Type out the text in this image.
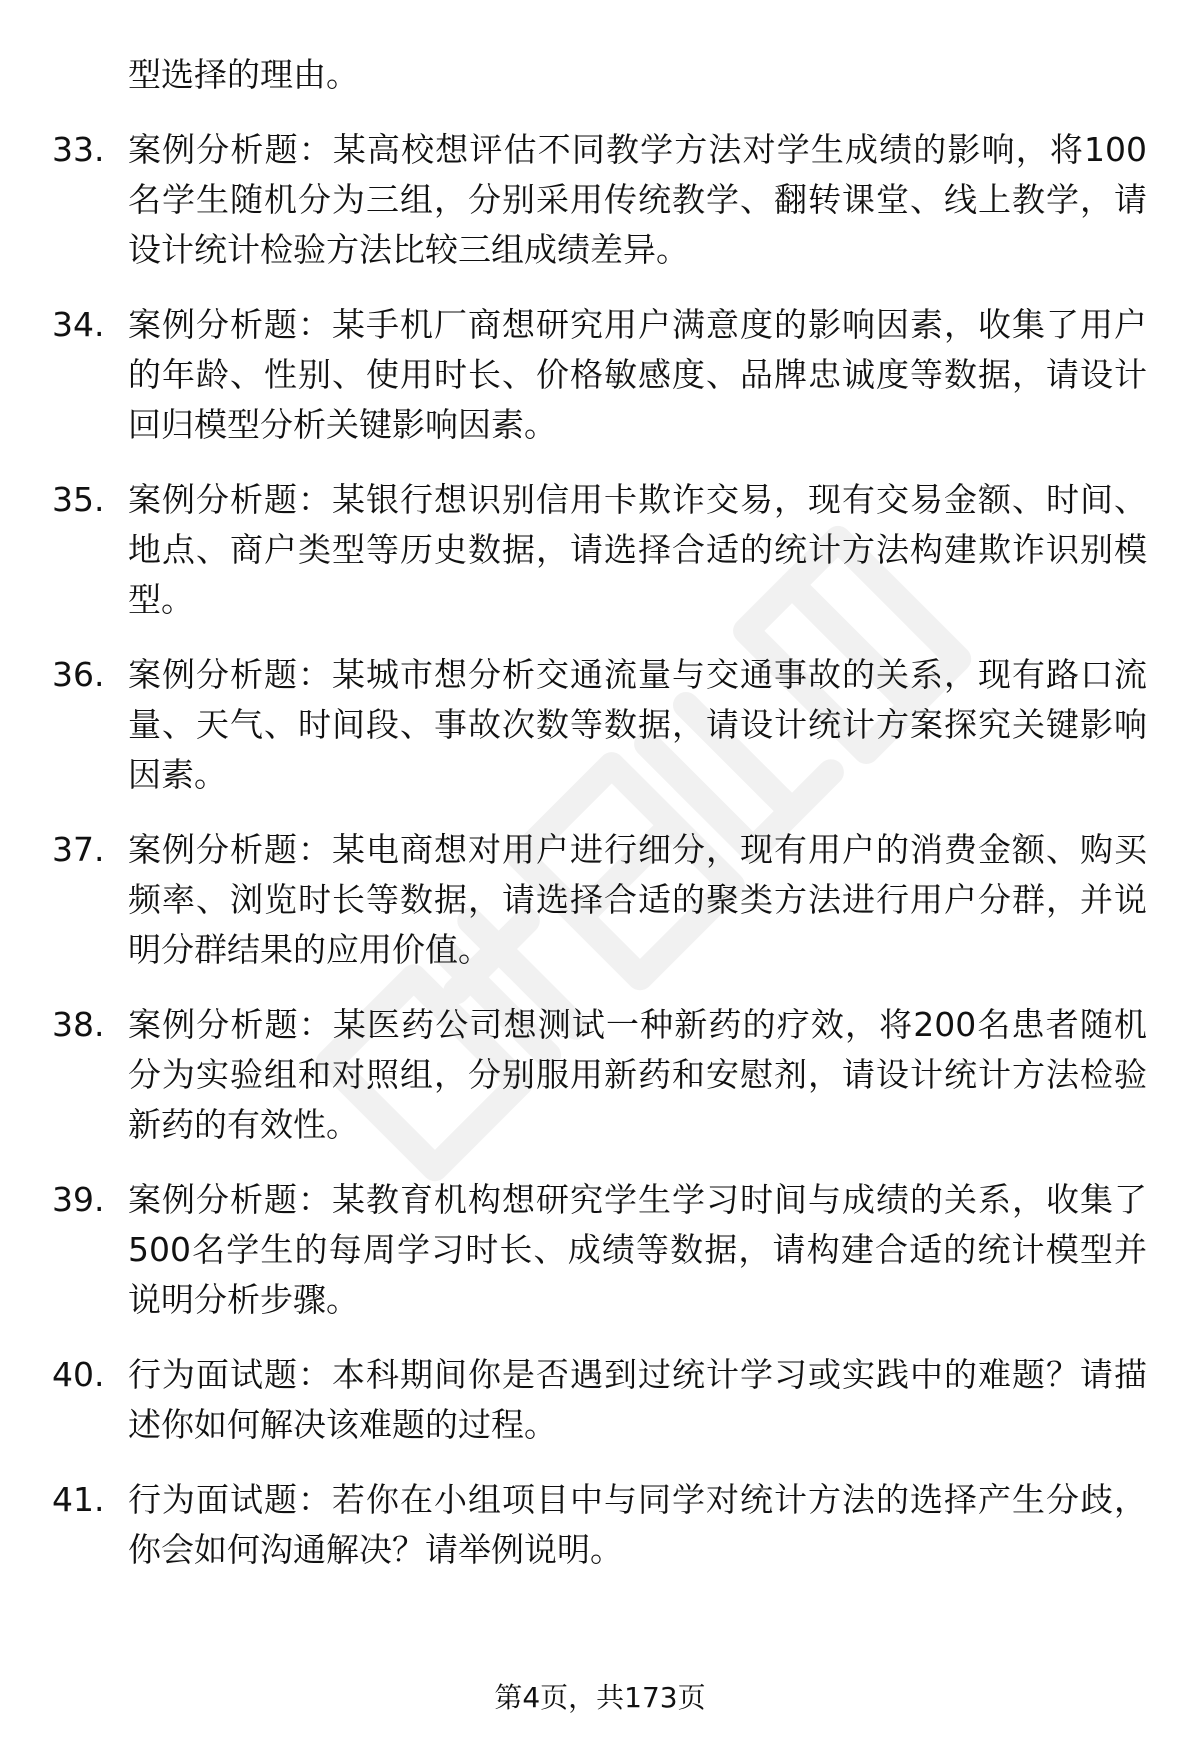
型选择的理由。
33. 案例分析题：某高校想评估不同教学方法对学生成绩的影响，将100名学生随机分为三组，分别采用传统教学、翻转课堂、线上教学，请设计统计检验方法比较三组成绩差异。
34. 案例分析题：某手机厂商想研究用户满意度的影响因素，收集了用户的年龄、性别、使用时长、价格敏感度、品牌忠诚度等数据，请设计回归模型分析关键影响因素。
35. 案例分析题：某银行想识别信用卡欺诈交易，现有交易金额、时间、地点、商户类型等历史数据，请选择合适的统计方法构建欺诈识别模型。
36. 案例分析题：某城市想分析交通流量与交通事故的关系，现有路口流量、天气、时间段、事故次数等数据，请设计统计方案探究关键影响因素。
37. 案例分析题：某电商想对用户进行细分，现有用户的消费金额、购买频率、浏览时长等数据，请选择合适的聚类方法进行用户分群，并说明分群结果的应用价值。
38. 案例分析题：某医药公司想测试一种新药的疗效，将200名患者随机分为实验组和对照组，分别服用新药和安慰剂，请设计统计方法检验新药的有效性。
39. 案例分析题：某教育机构想研究学生学习时间与成绩的关系，收集了500名学生的每周学习时长、成绩等数据，请构建合适的统计模型并说明分析步骤。
40. 行为面试题：本科期间你是否遇到过统计学习或实践中的难题？请描述你如何解决该难题的过程。
41. 行为面试题：若你在小组项目中与同学对统计方法的选择产生分歧，你会如何沟通解决？请举例说明。
第4页，共173页
